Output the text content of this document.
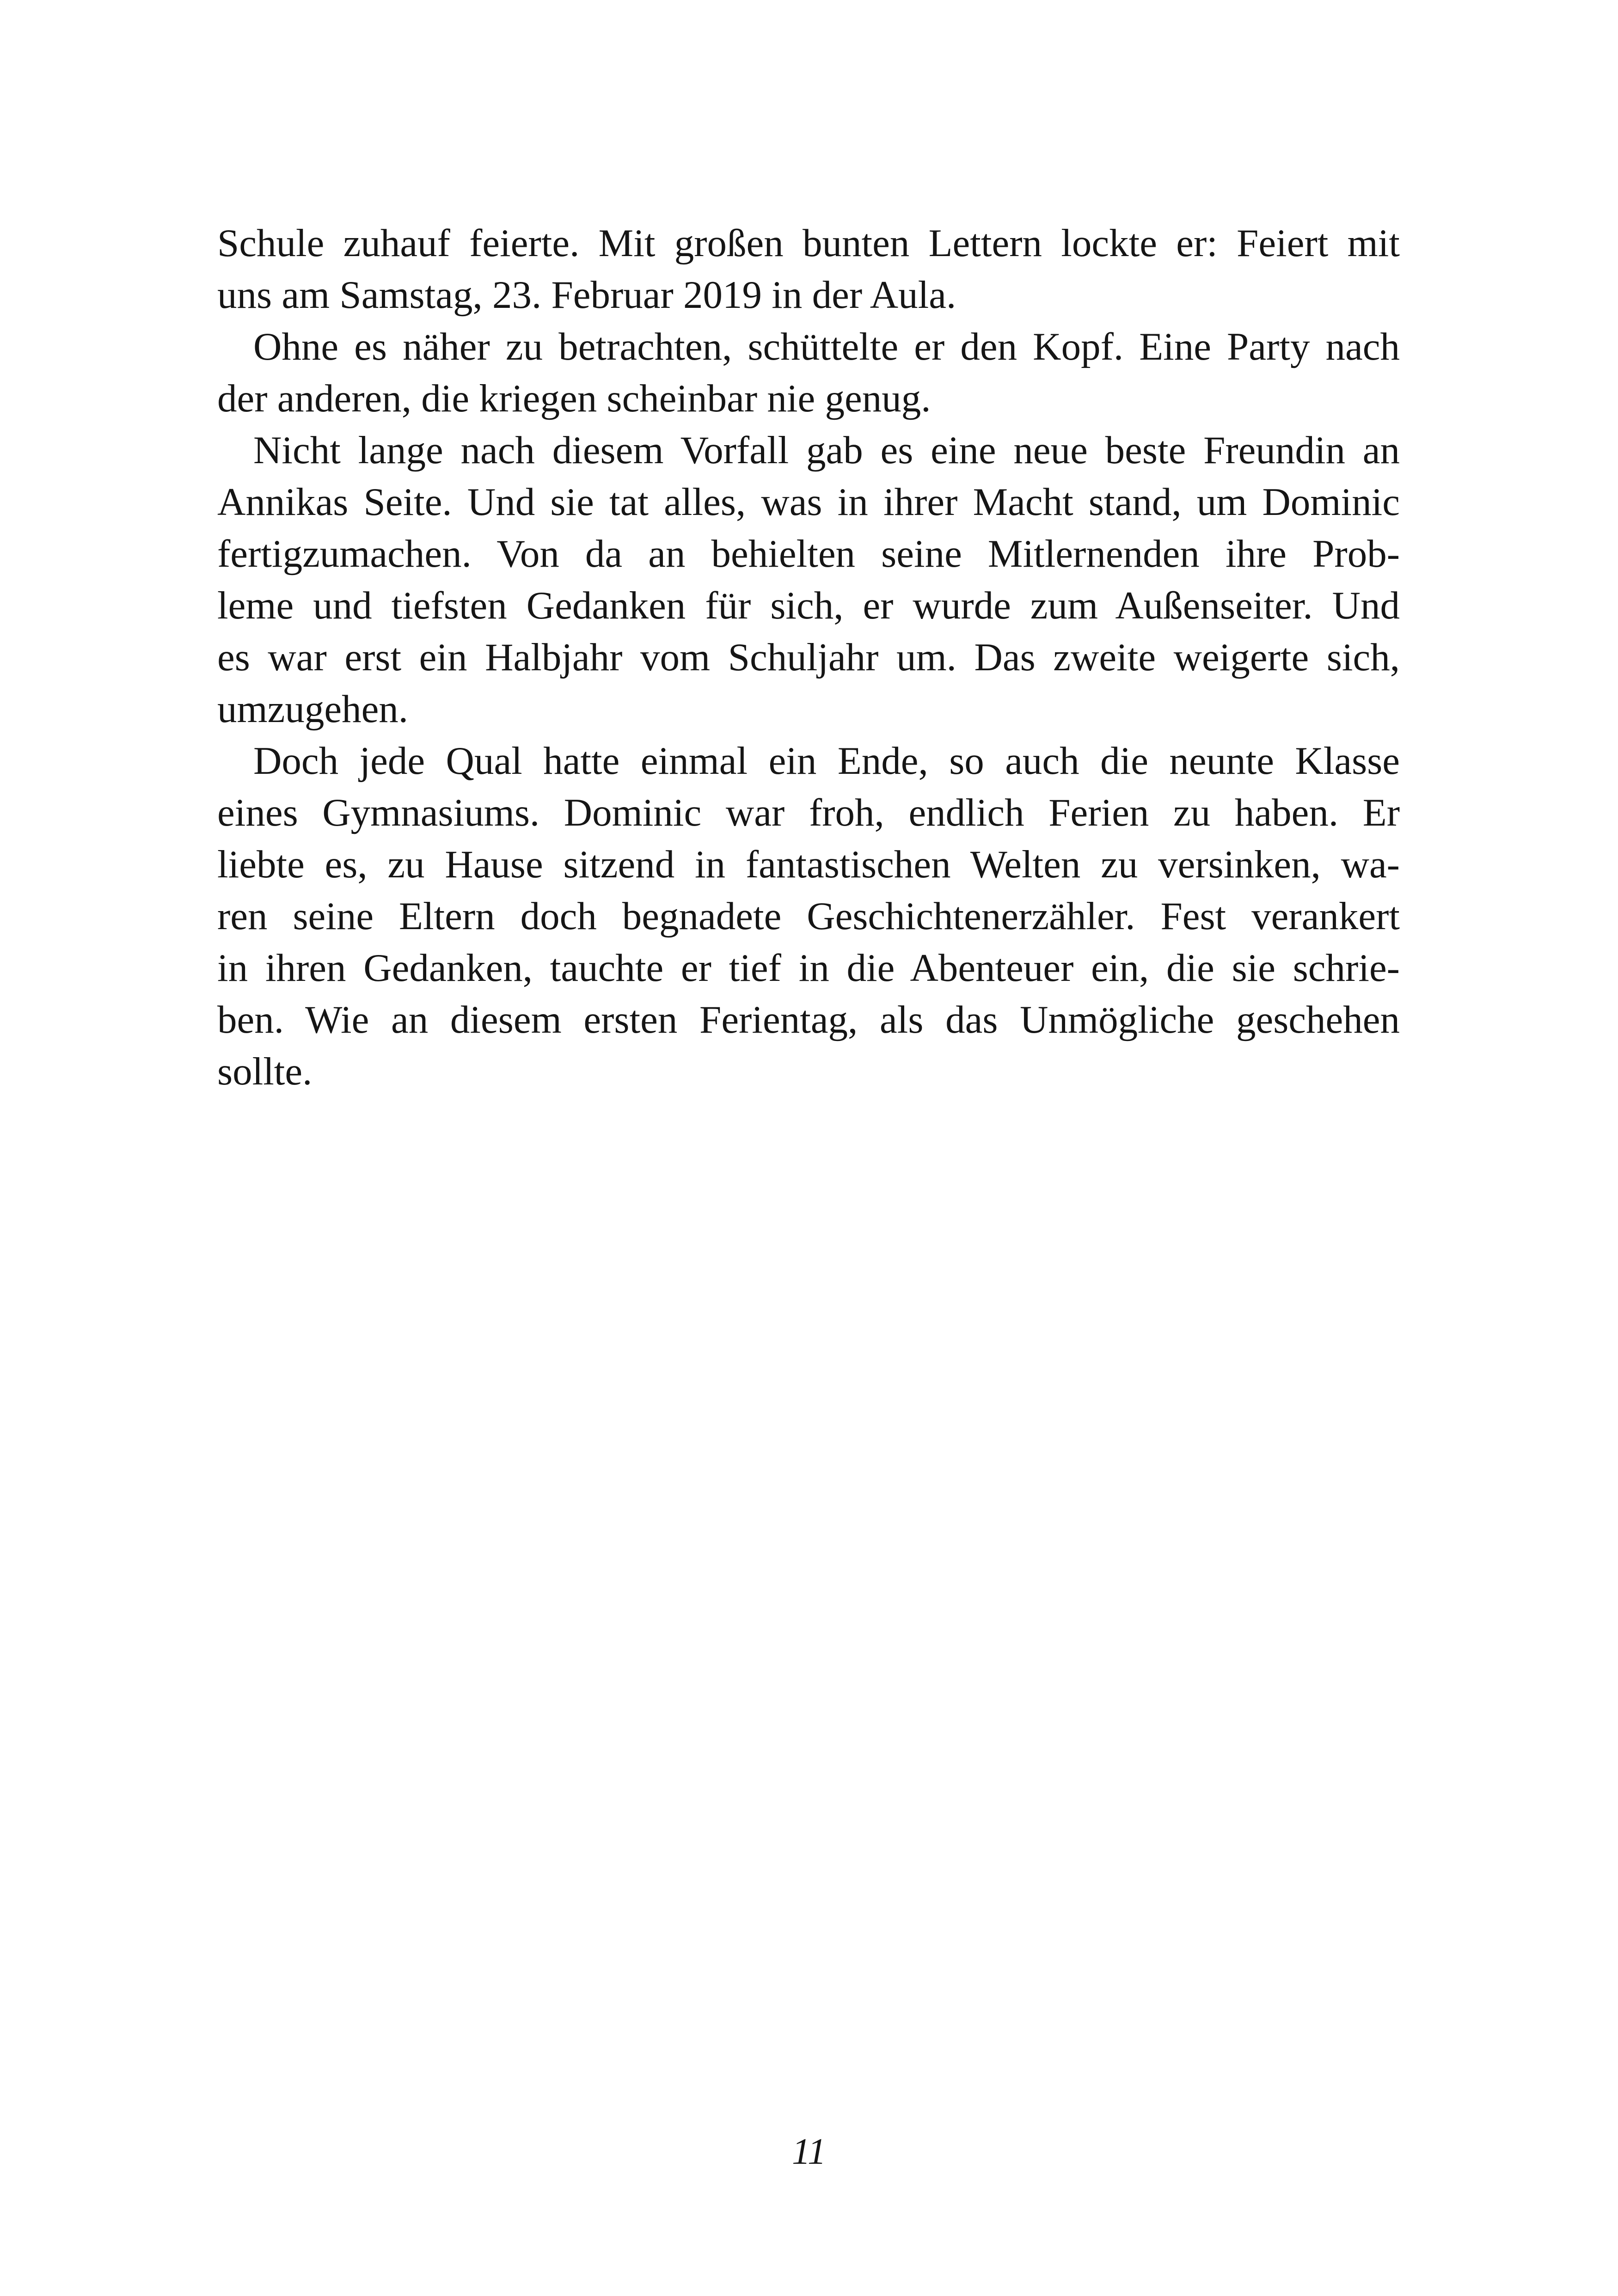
Schule zuhauf feierte. Mit großen bunten Lettern lockte er: Feiert mit
uns am Samstag, 23. Februar 2019 in der Aula.
Ohne es näher zu betrachten, schüttelte er den Kopf. Eine Party nach
der anderen, die kriegen scheinbar nie genug.
Nicht lange nach diesem Vorfall gab es eine neue beste Freundin an
Annikas Seite. Und sie tat alles, was in ihrer Macht stand, um Dominic
fertigzumachen. Von da an behielten seine Mitlernenden ihre Prob-
leme und tiefsten Gedanken für sich, er wurde zum Außenseiter. Und
es war erst ein Halbjahr vom Schuljahr um. Das zweite weigerte sich,
umzugehen.
Doch jede Qual hatte einmal ein Ende, so auch die neunte Klasse
eines Gymnasiums. Dominic war froh, endlich Ferien zu haben. Er
liebte es, zu Hause sitzend in fantastischen Welten zu versinken, wa-
ren seine Eltern doch begnadete Geschichtenerzähler. Fest verankert
in ihren Gedanken, tauchte er tief in die Abenteuer ein, die sie schrie-
ben. Wie an diesem ersten Ferientag, als das Unmögliche geschehen
sollte.
11
